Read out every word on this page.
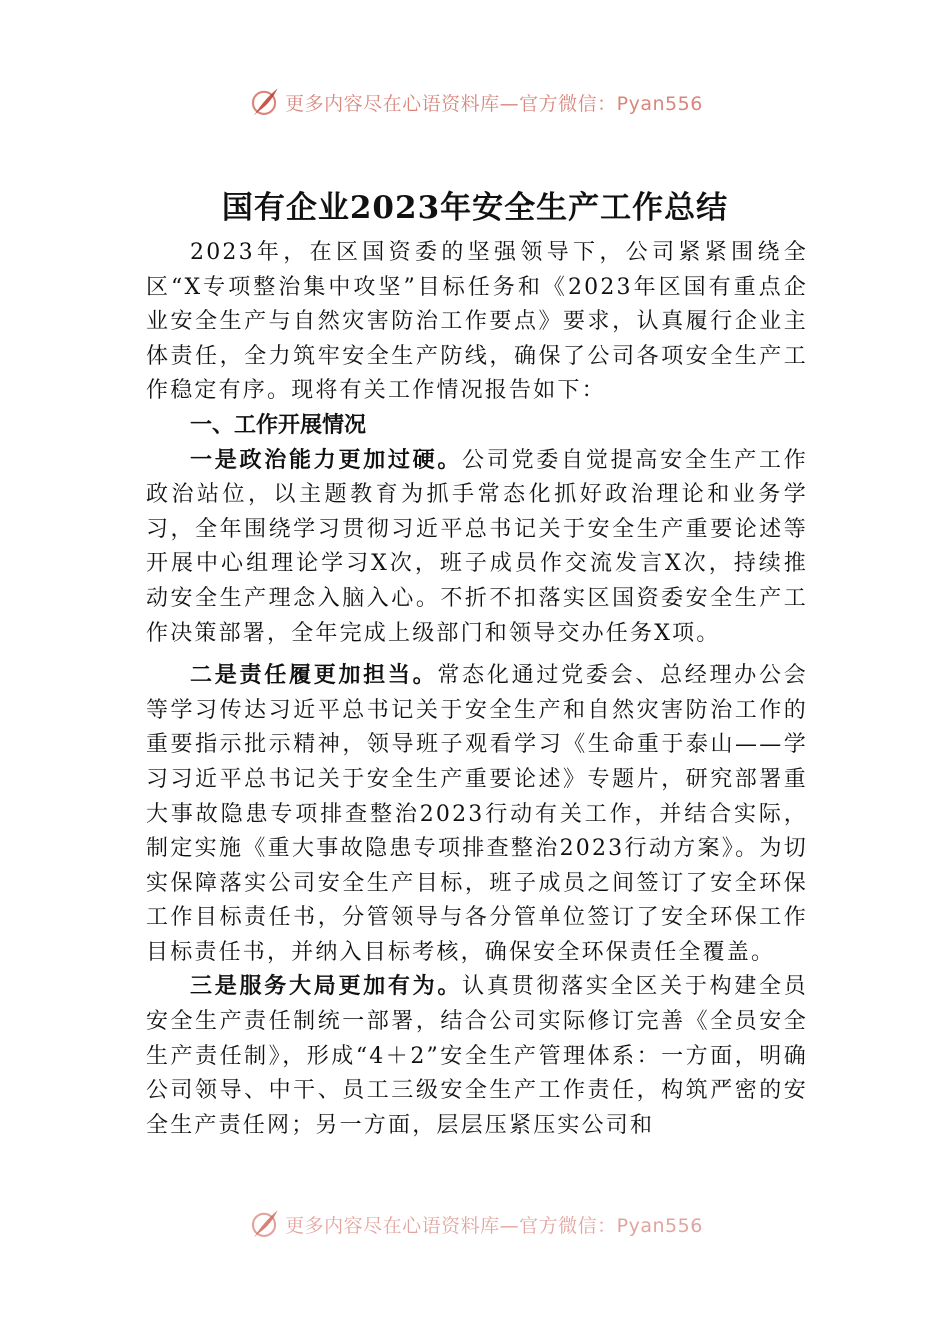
更多内容尽在心语资料库—官方微信：Pyan556
国有企业2023年安全生产工作总结

2023年，在区国资委的坚强领导下，公司紧紧围绕全区“X专项整治集中攻坚”目标任务和《2023年区国有重点企业安全生产与自然灾害防治工作要点》要求，认真履行企业主体责任，全力筑牢安全生产防线，确保了公司各项安全生产工作稳定有序。现将有关工作情况报告如下：

一、工作开展情况

一是政治能力更加过硬。公司党委自觉提高安全生产工作政治站位，以主题教育为抓手常态化抓好政治理论和业务学习，全年围绕学习贯彻习近平总书记关于安全生产重要论述等开展中心组理论学习X次，班子成员作交流发言X次，持续推动安全生产理念入脑入心。不折不扣落实区国资委安全生产工作决策部署，全年完成上级部门和领导交办任务X项。

二是责任履更加担当。常态化通过党委会、总经理办公会等学习传达习近平总书记关于安全生产和自然灾害防治工作的重要指示批示精神，领导班子观看学习《生命重于泰山——学习习近平总书记关于安全生产重要论述》专题片，研究部署重大事故隐患专项排查整治2023行动有关工作，并结合实际，制定实施《重大事故隐患专项排查整治2023行动方案》。为切实保障落实公司安全生产目标，班子成员之间签订了安全环保工作目标责任书，分管领导与各分管单位签订了安全环保工作目标责任书，并纳入目标考核，确保安全环保责任全覆盖。

三是服务大局更加有为。认真贯彻落实全区关于构建全员安全生产责任制统一部署，结合公司实际修订完善《全员安全生产责任制》，形成“4＋2”安全生产管理体系：一方面，明确公司领导、中干、员工三级安全生产工作责任，构筑严密的安全生产责任网；另一方面，层层压紧压实公司和

更多内容尽在心语资料库—官方微信：Pyan556
